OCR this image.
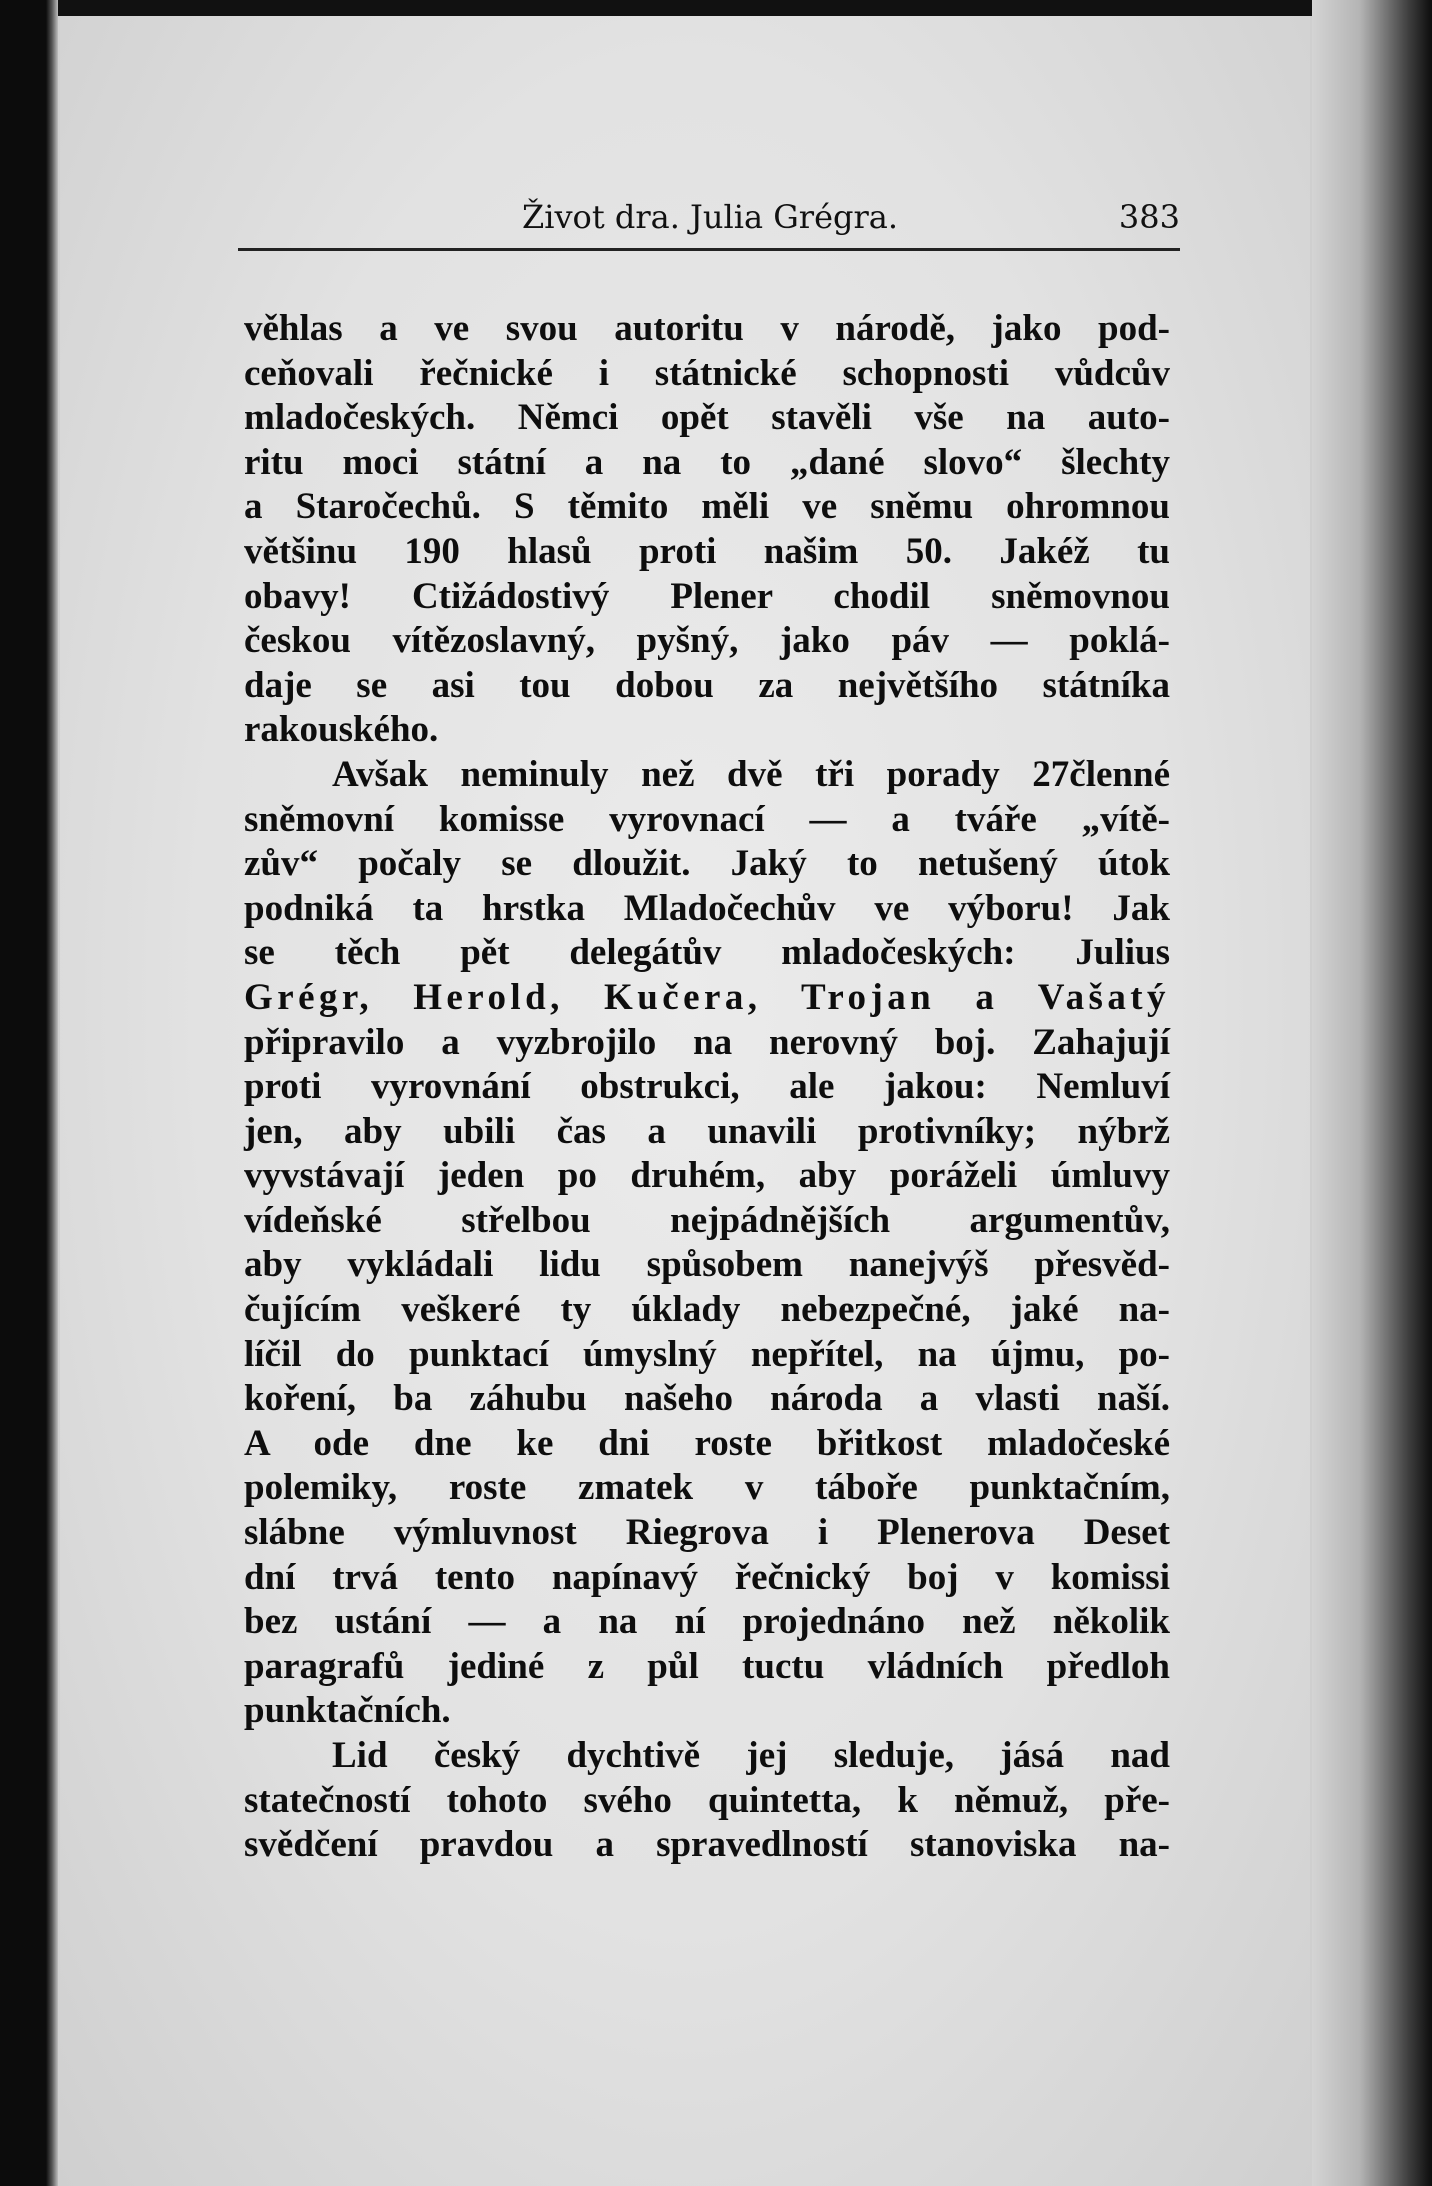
Život dra. Julia Grégra.	383
věhlas a ve svou autoritu v národě, jako pod-
ceňovali řečnické i státnické schopnosti vůdcův
mladočeských. Němci opět stavěli vše na auto-
ritu moci státní a na to „dané slovo“ šlechty
a Staročechů. S těmito měli ve sněmu ohromnou
většinu 190 hlasů proti našim 50. Jakéž tu
obavy! Ctižádostivý Plener chodil sněmovnou
českou vítězoslavný, pyšný, jako páv — poklá-
daje se asi tou dobou za největšího státníka
rakouského.
Avšak neminuly než dvě tři porady 27členné
sněmovní komisse vyrovnací — a tváře „vítě-
zův“ počaly se dloužit. Jaký to netušený útok
podniká ta hrstka Mladočechův ve výboru! Jak
se těch pět delegátův mladočeských: Julius
Grégr, Herold, Kučera, Trojan a Vašatý
připravilo a vyzbrojilo na nerovný boj. Zahajují
proti vyrovnání obstrukci, ale jakou: Nemluví
jen, aby ubili čas a unavili protivníky; nýbrž
vyvstávají jeden po druhém, aby poráželi úmluvy
vídeňské střelbou nejpádnějších argumentův,
aby vykládali lidu spůsobem nanejvýš přesvěd-
čujícím veškeré ty úklady nebezpečné, jaké na-
líčil do punktací úmyslný nepřítel, na újmu, po-
koření, ba záhubu našeho národa a vlasti naší.
A ode dne ke dni roste břitkost mladočeské
polemiky, roste zmatek v táboře punktačním,
slábne výmluvnost Riegrova i Plenerova Deset
dní trvá tento napínavý řečnický boj v komissi
bez ustání — a na ní projednáno než několik
paragrafů jediné z půl tuctu vládních předloh
punktačních.
Lid český dychtivě jej sleduje, jásá nad
statečností tohoto svého quintetta, k němuž, pře-
svědčení pravdou a spravedlností stanoviska na-
